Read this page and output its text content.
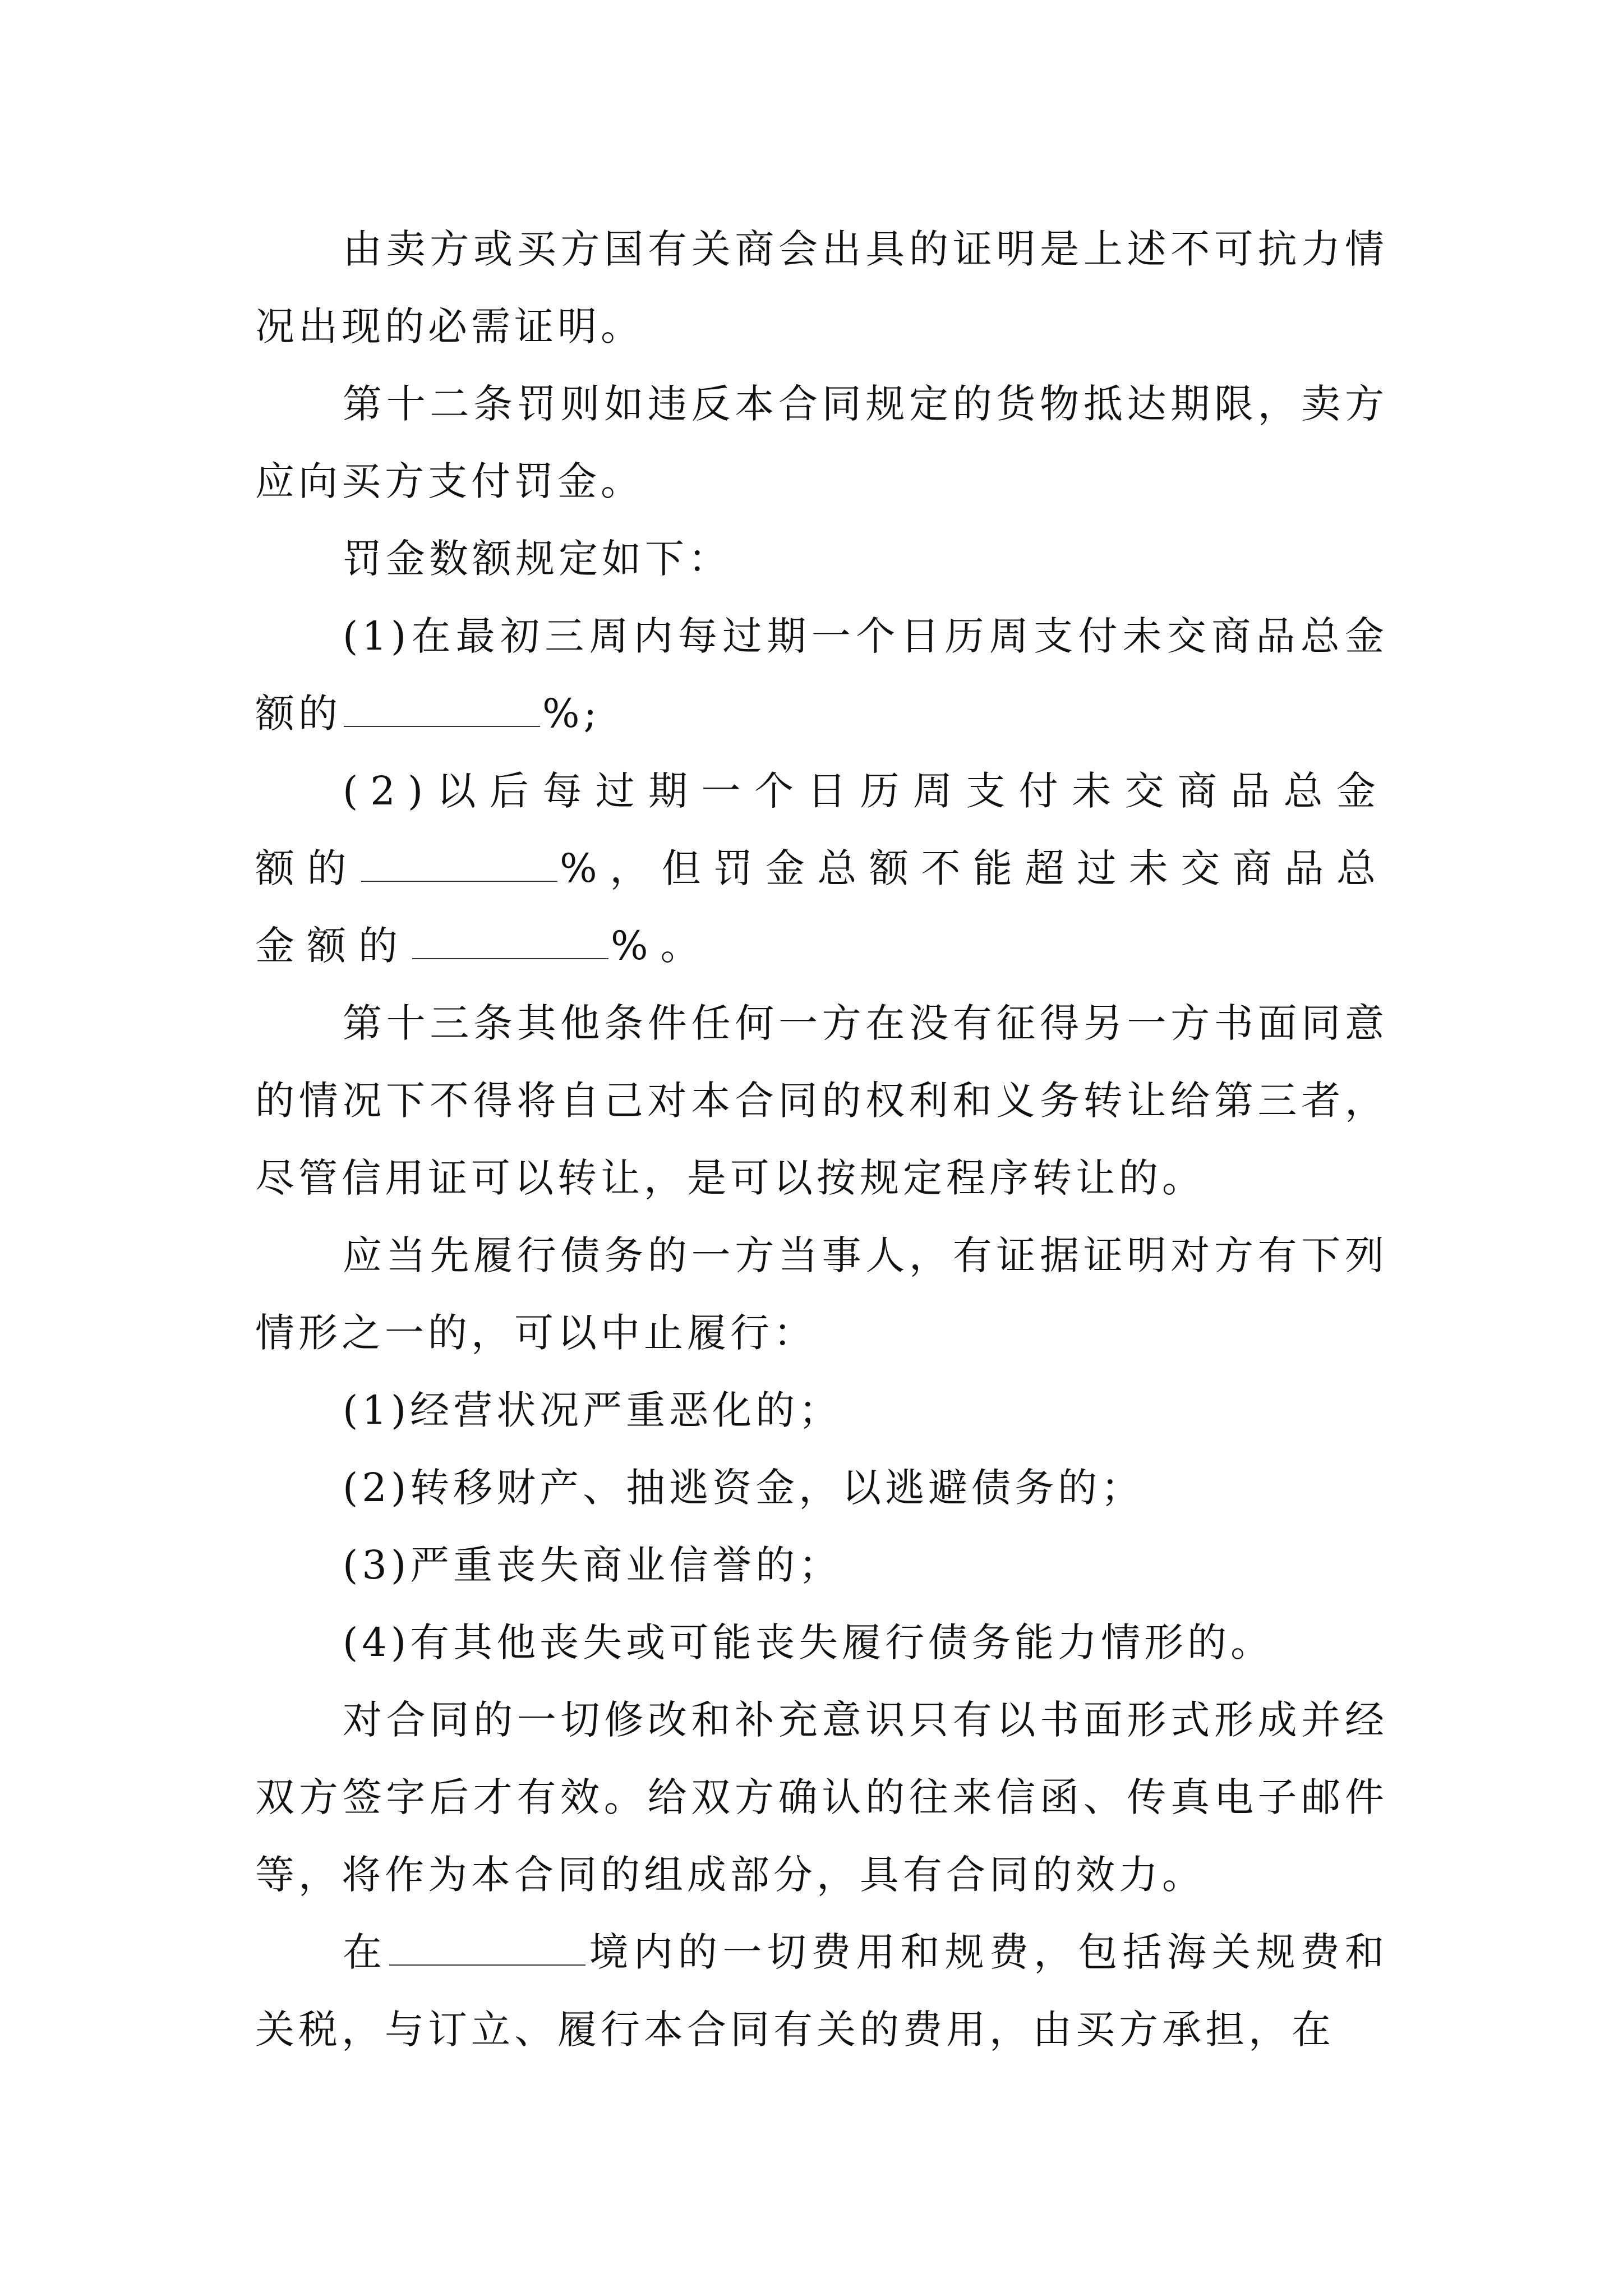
由卖方或买方国有关商会出具的证明是上述不可抗力情况出现的必需证明。

第十二条罚则如违反本合同规定的货物抵达期限，卖方应向买方支付罚金。

罚金数额规定如下：

(1)在最初三周内每过期一个日历周支付未交商品总金额的	%;

(2)以后每过期一个日历周支付未交商品总金额的	%，但罚金总额不能超过未交商品总金额的	%。

第十三条其他条件任何一方在没有征得另一方书面同意的情况下不得将自己对本合同的权利和义务转让给第三者，尽管信用证可以转让，是可以按规定程序转让的。

应当先履行债务的一方当事人，有证据证明对方有下列情形之一的，可以中止履行：

(1)经营状况严重恶化的；

(2)转移财产、抽逃资金，以逃避债务的；

(3)严重丧失商业信誉的；

(4)有其他丧失或可能丧失履行债务能力情形的。

对合同的一切修改和补充意识只有以书面形式形成并经双方签字后才有效。给双方确认的往来信函、传真电子邮件等，将作为本合同的组成部分，具有合同的效力。

在	境内的一切费用和规费，包括海关规费和关税，与订立、履行本合同有关的费用，由买方承担，在
